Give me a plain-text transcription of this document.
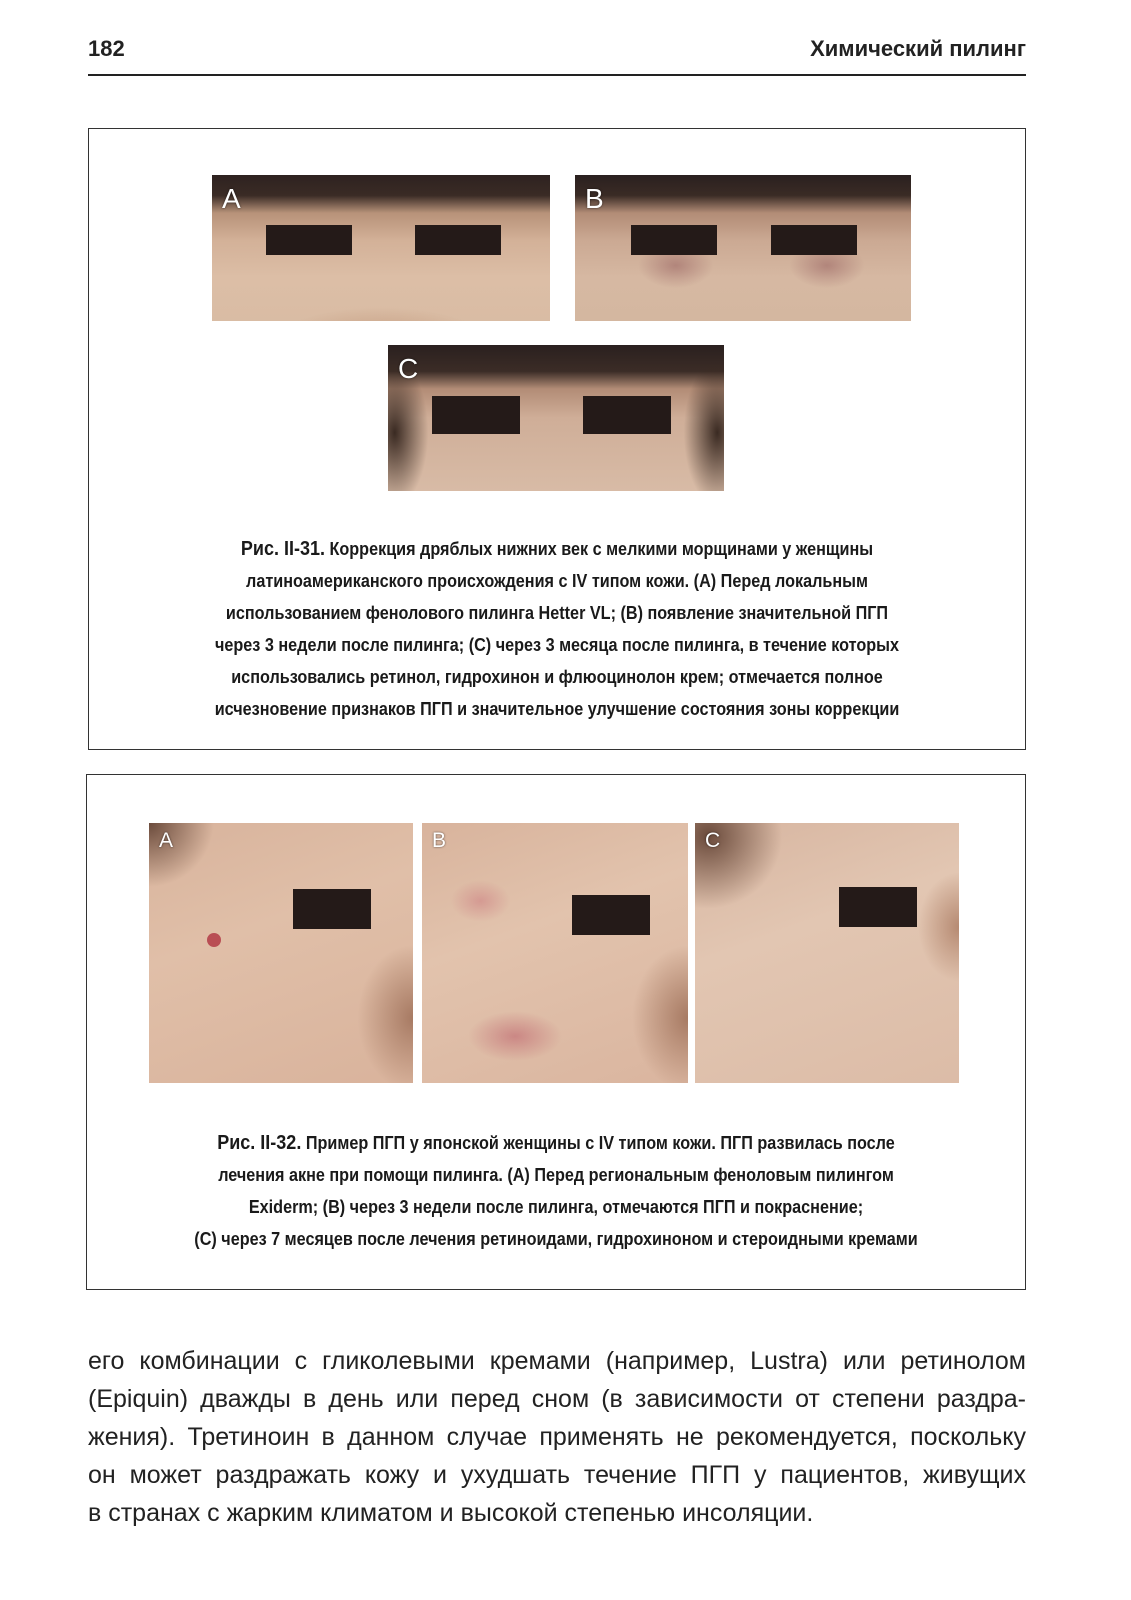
182	Химический пилинг
A	B
C
Рис. II-31. Коррекция дряблых нижних век с мелкими морщинами у женщины
латиноамериканского происхождения с IV типом кожи. (A) Перед локальным
использованием фенолового пилинга Hetter VL; (B) появление значительной ПГП
через 3 недели после пилинга; (C) через 3 месяца после пилинга, в течение которых
использовались ретинол, гидрохинон и флюоцинолон крем; отмечается полное
исчезновение признаков ПГП и значительное улучшение состояния зоны коррекции
A	B	C
Рис. II-32. Пример ПГП у японской женщины с IV типом кожи. ПГП развилась после
лечения акне при помощи пилинга. (A) Перед региональным феноловым пилингом
Exiderm; (B) через 3 недели после пилинга, отмечаются ПГП и покраснение;
(C) через 7 месяцев после лечения ретиноидами, гидрохиноном и стероидными кремами
его комбинации с гликолевыми кремами (например, Lustra) или ретинолом
(Epiquin) дважды в день или перед сном (в зависимости от степени раздра-
жения). Третиноин в данном случае применять не рекомендуется, поскольку
он может раздражать кожу и ухудшать течение ПГП у пациентов, живущих
в странах с жарким климатом и высокой степенью инсоляции.
